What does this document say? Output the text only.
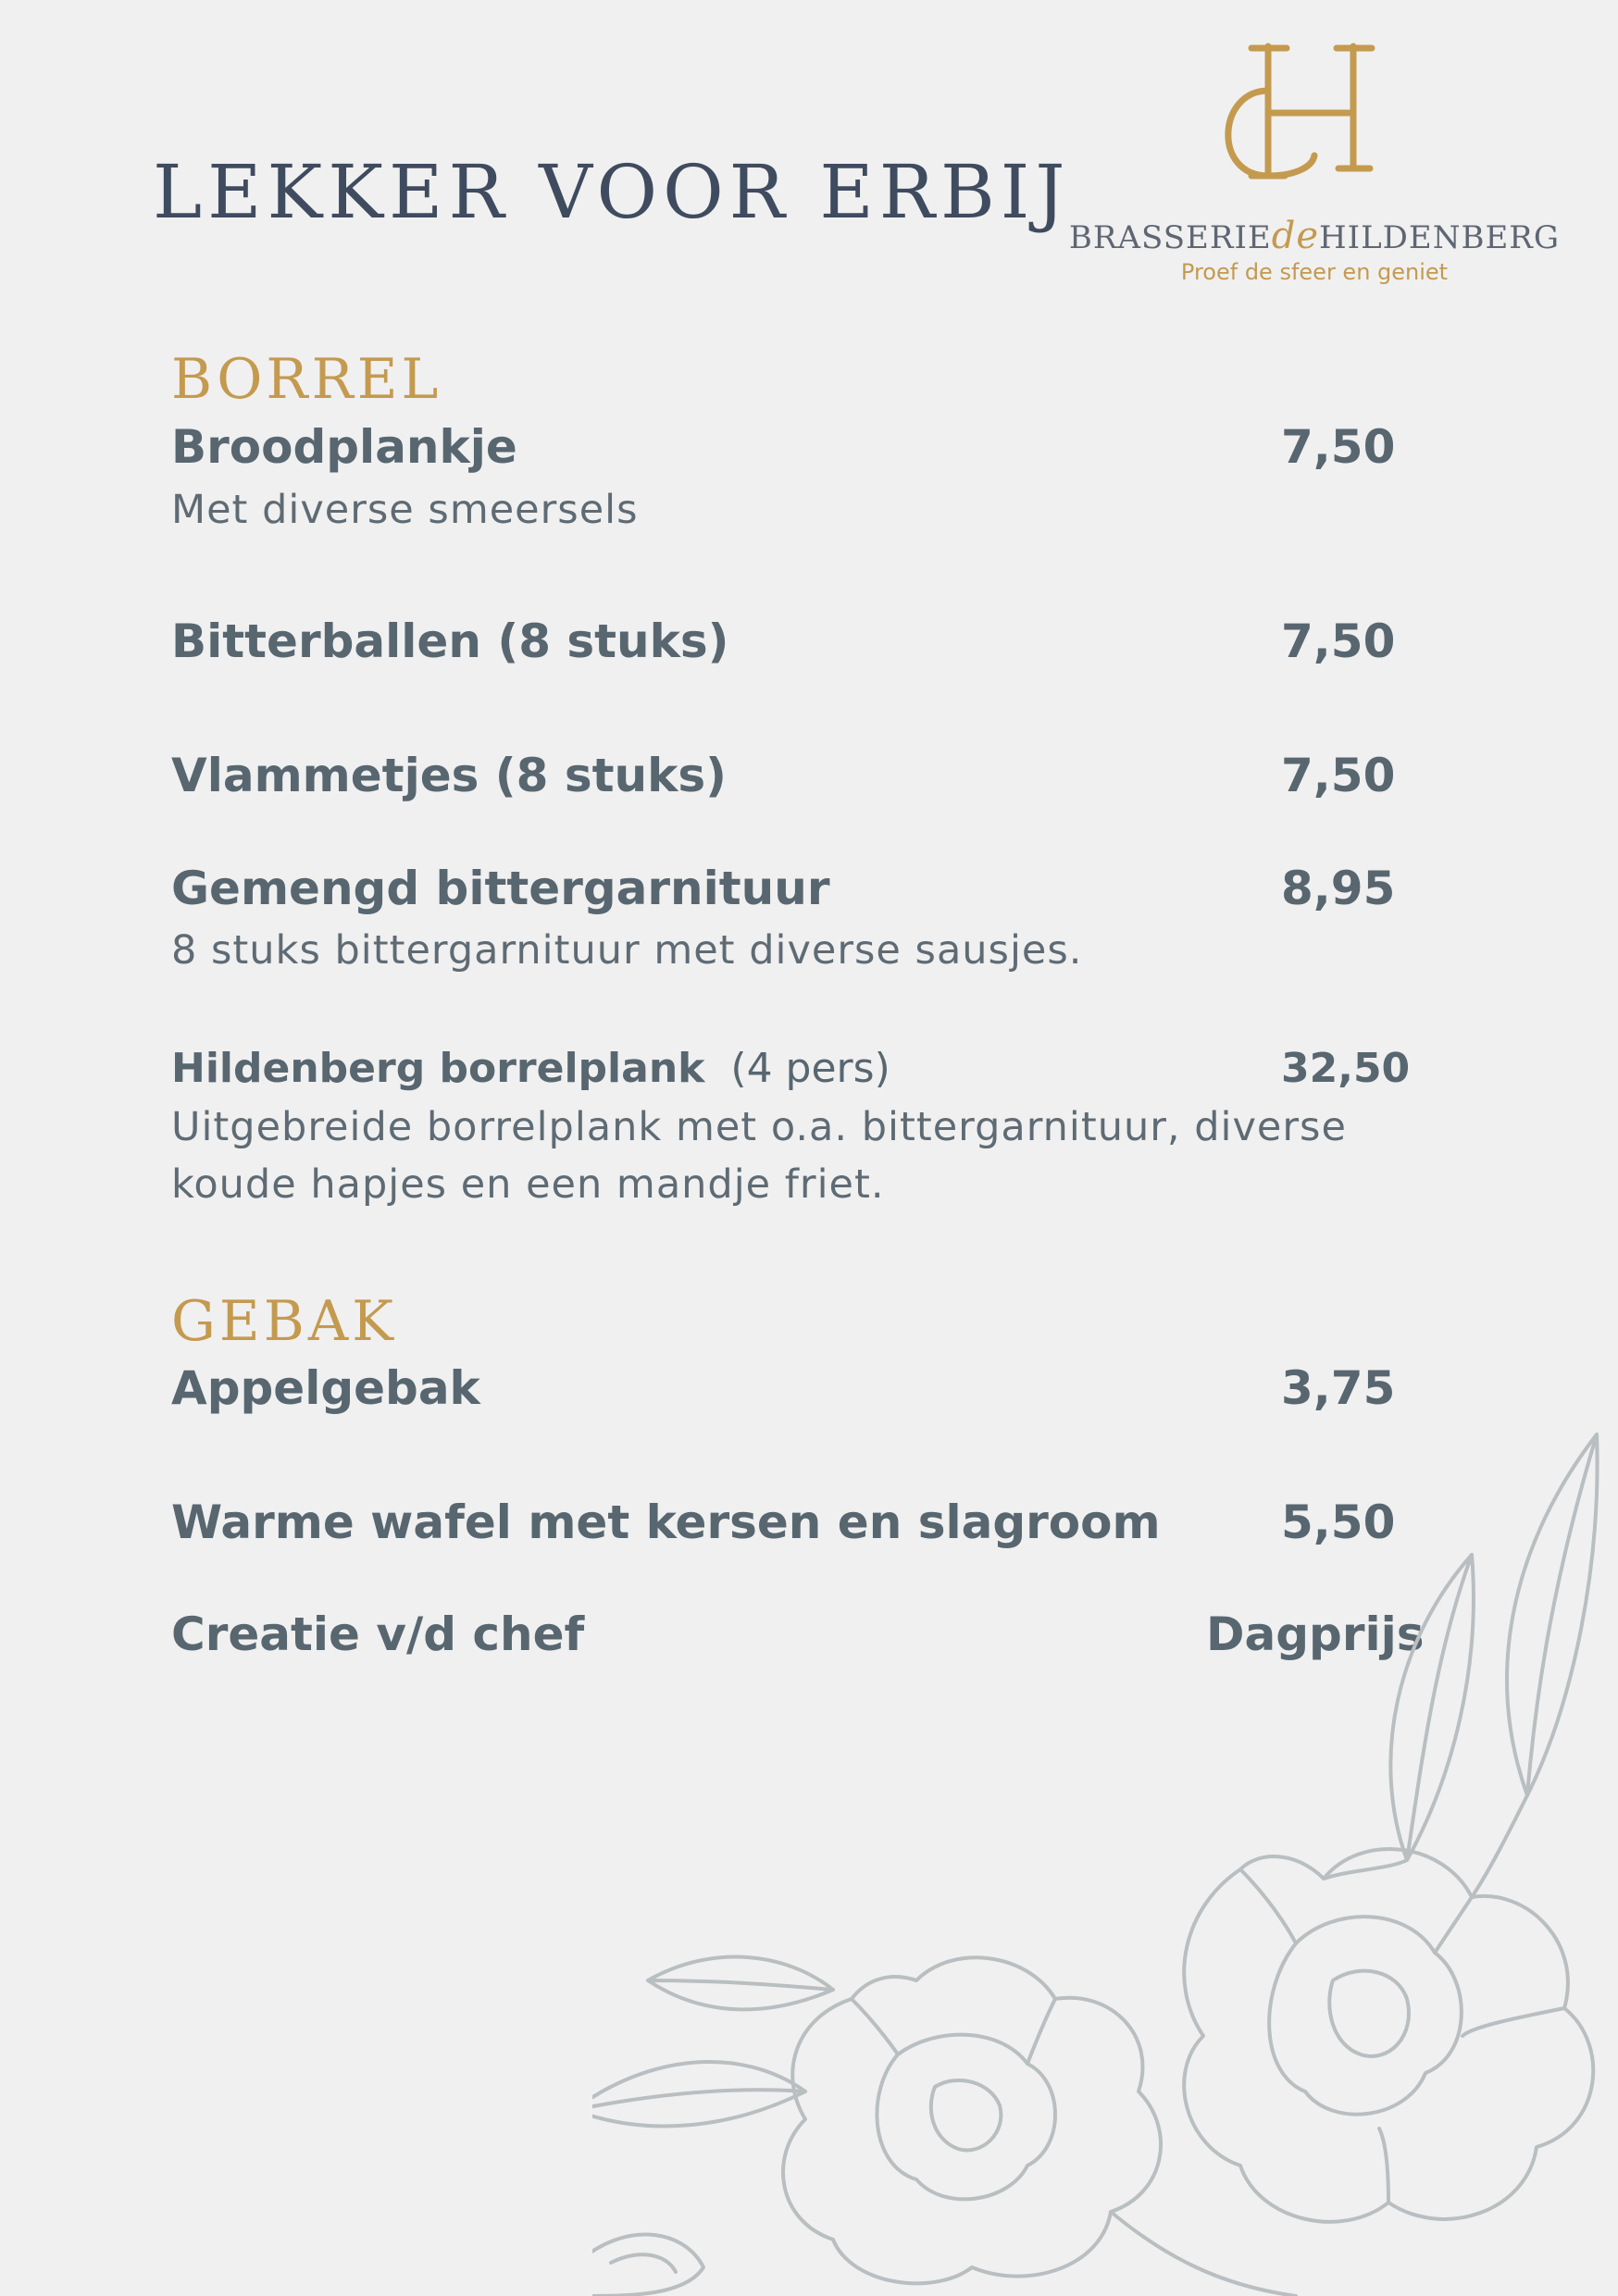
LEKKER VOOR ERBIJ
BRASSERIEdeHILDENBERG
Proef de sfeer en geniet
BORREL
Broodplankje	7,50
Met diverse smeersels
Bitterballen (8 stuks)	7,50
Vlammetjes (8 stuks)	7,50
Gemengd bittergarnituur	8,95
8 stuks bittergarnituur met diverse sausjes.
Hildenberg borrelplank (4 pers)	32,50
Uitgebreide borrelplank met o.a. bittergarnituur, diverse koude hapjes en een mandje friet.
GEBAK
Appelgebak	3,75
Warme wafel met kersen en slagroom	5,50
Creatie v/d chef	Dagprijs
